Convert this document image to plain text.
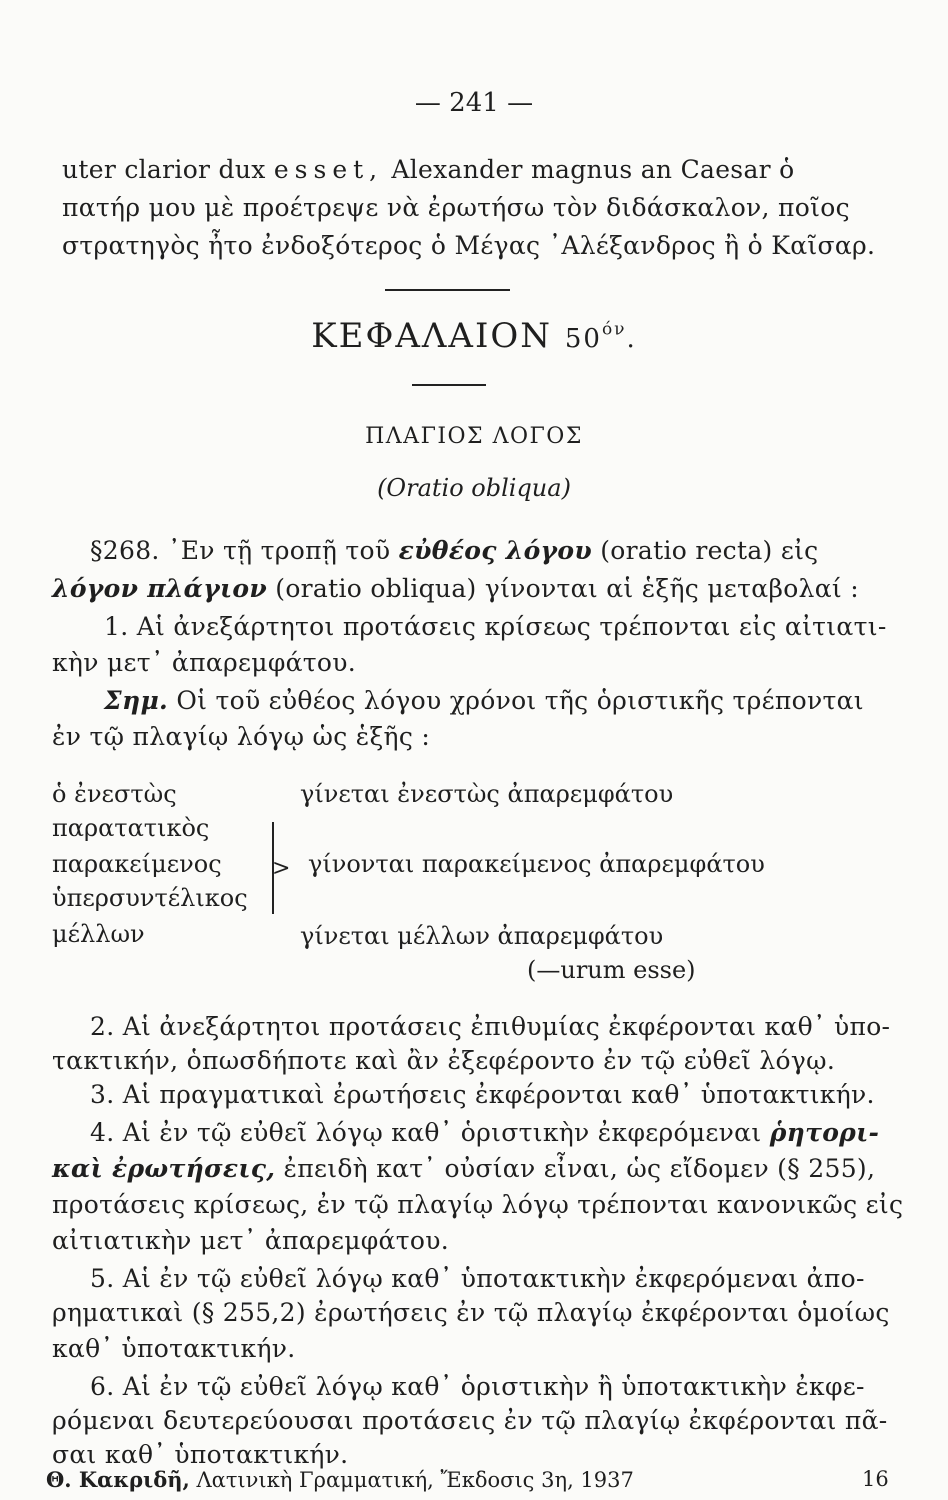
— 241 —
uter clarior dux esset, Alexander magnus an Caesar ὁ
πατήρ μου μὲ προέτρεψε νὰ ἐρωτήσω τὸν διδάσκαλον, ποῖος
στρατηγὸς ἦτο ἐνδοξότερος ὁ Μέγας ᾿Αλέξανδρος ἢ ὁ Καῖσαρ.
ΚΕΦΑΛΑΙΟΝ $50^{ό\nu}$.
ΠΛΑΓΙΟΣ ΛΟΓΟΣ
(Oratio obliqua)
§268. ᾿Εν τῇ τροπῇ τοῦ εὐθέος λόγου (oratio recta) εἰς
λόγον πλάγιον (oratio obliqua) γίνονται αἱ ἑξῆς μεταβολαί :
1. Αἱ ἀνεξάρτητοι προτάσεις κρίσεως τρέπονται εἰς αἰτιατι-
κὴν μετ᾿ ἀπαρεμφάτου.
Σημ. Οἱ τοῦ εὐθέος λόγου χρόνοι τῆς ὁριστικῆς τρέπονται
ἐν τῷ πλαγίῳ λόγῳ ὡς ἑξῆς :
ὁ ἐνεστὼς
παρατατικὸς
παρακείμενος
ὑπερσυντέλικος
μέλλων
>
γίνεται ἐνεστὼς ἀπαρεμφάτου
γίνονται παρακείμενος ἀπαρεμφάτου
γίνεται μέλλων ἀπαρεμφάτου
(—urum esse)
2. Αἱ ἀνεξάρτητοι προτάσεις ἐπιθυμίας ἐκφέρονται καθ᾿ ὑπο-
τακτικήν, ὁπωσδήποτε καὶ ἂν ἐξεφέροντο ἐν τῷ εὐθεῖ λόγῳ.
3. Αἱ πραγματικαὶ ἐρωτήσεις ἐκφέρονται καθ᾿ ὑποτακτικήν.
4. Αἱ ἐν τῷ εὐθεῖ λόγῳ καθ᾿ ὁριστικὴν ἐκφερόμεναι ῥητορι-
καὶ ἐρωτήσεις, ἐπειδὴ κατ᾿ οὐσίαν εἶναι, ὡς εἴδομεν (§ 255),
προτάσεις κρίσεως, ἐν τῷ πλαγίῳ λόγῳ τρέπονται κανονικῶς εἰς
αἰτιατικὴν μετ᾿ ἀπαρεμφάτου.
5. Αἱ ἐν τῷ εὐθεῖ λόγῳ καθ᾿ ὑποτακτικὴν ἐκφερόμεναι ἀπο-
ρηματικαὶ (§ 255,2) ἐρωτήσεις ἐν τῷ πλαγίῳ ἐκφέρονται ὁμοίως
καθ᾿ ὑποτακτικήν.
6. Αἱ ἐν τῷ εὐθεῖ λόγῳ καθ᾿ ὁριστικὴν ἢ ὑποτακτικὴν ἐκφε-
ρόμεναι δευτερεύουσαι προτάσεις ἐν τῷ πλαγίῳ ἐκφέρονται πᾶ-
σαι καθ᾿ ὑποτακτικήν.
Θ. Κακριδῆ, Λατινικὴ Γραμματική, Ἔκδοσις 3η, 1937	16
